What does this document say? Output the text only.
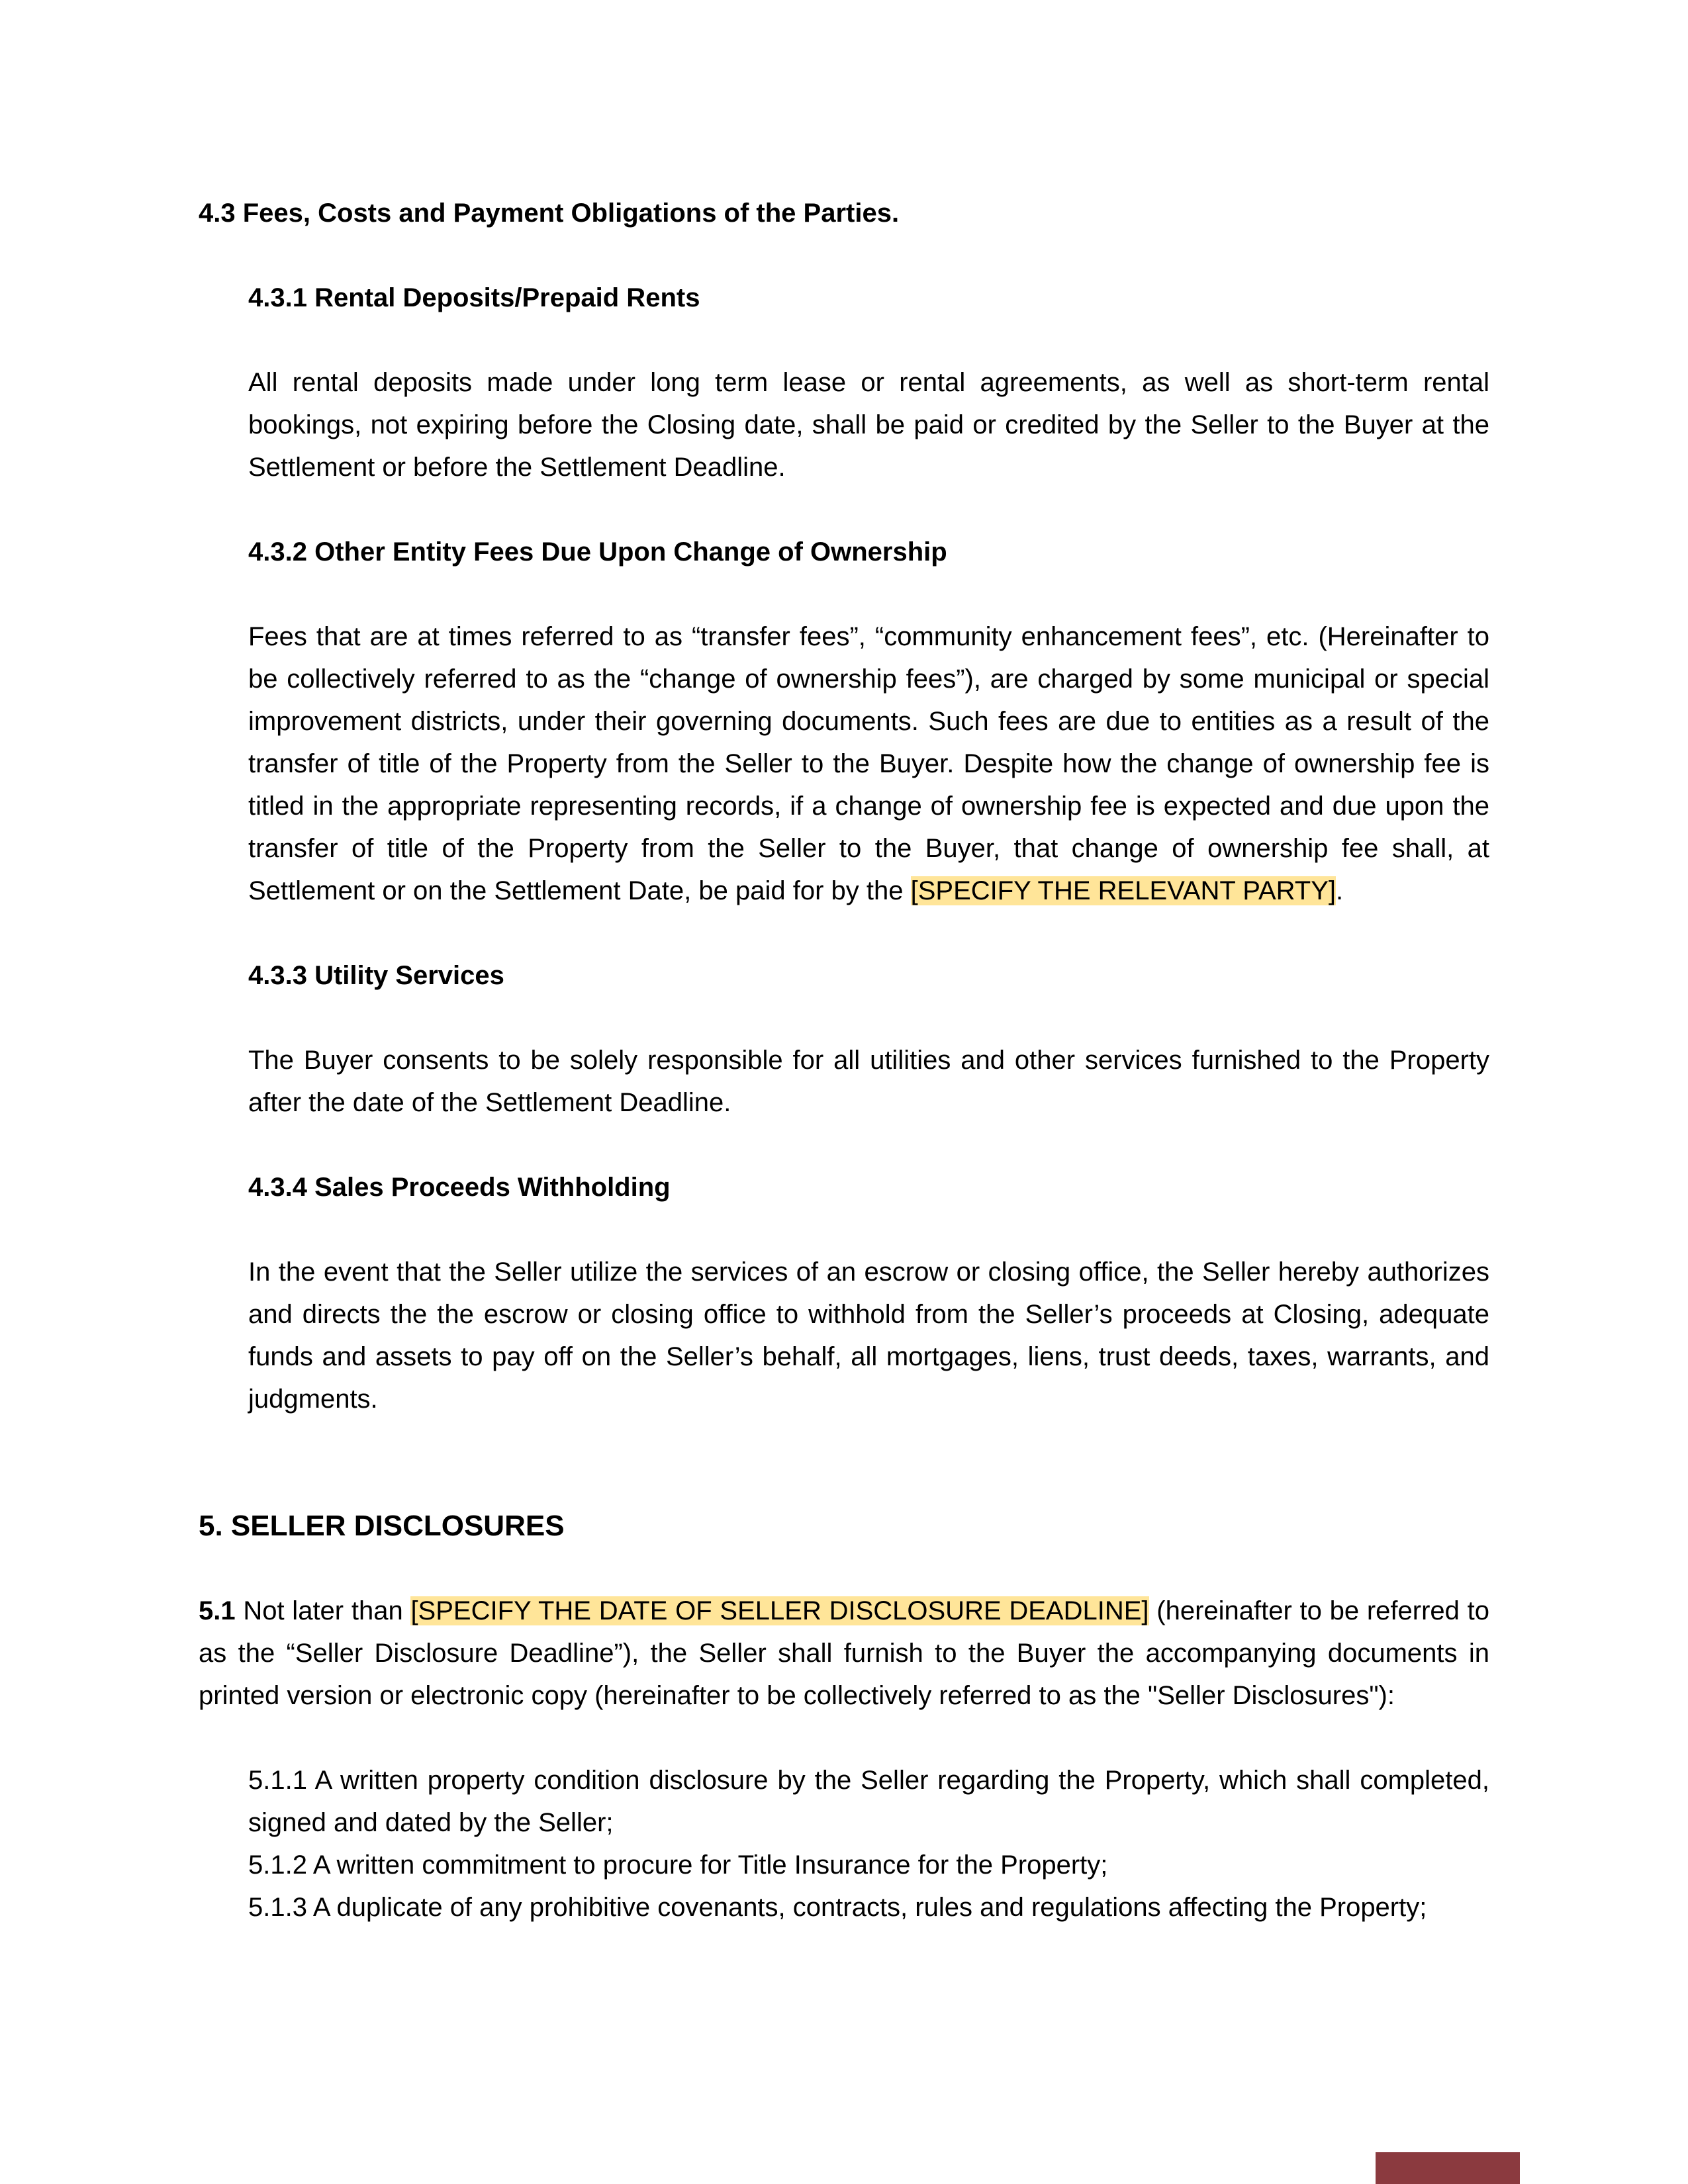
4.3 Fees, Costs and Payment Obligations of the Parties.

4.3.1 Rental Deposits/Prepaid Rents

All rental deposits made under long term lease or rental agreements, as well as short-term rental bookings, not expiring before the Closing date, shall be paid or credited by the Seller to the Buyer at the Settlement or before the Settlement Deadline.

4.3.2 Other Entity Fees Due Upon Change of Ownership

Fees that are at times referred to as “transfer fees”, “community enhancement fees”, etc. (Hereinafter to be collectively referred to as the “change of ownership fees”), are charged by some municipal or special improvement districts, under their governing documents. Such fees are due to entities as a result of the transfer of title of the Property from the Seller to the Buyer. Despite how the change of ownership fee is titled in the appropriate representing records, if a change of ownership fee is expected and due upon the transfer of title of the Property from the Seller to the Buyer, that change of ownership fee shall, at Settlement or on the Settlement Date, be paid for by the [SPECIFY THE RELEVANT PARTY].

4.3.3 Utility Services

The Buyer consents to be solely responsible for all utilities and other services furnished to the Property after the date of the Settlement Deadline.

4.3.4 Sales Proceeds Withholding

In the event that the Seller utilize the services of an escrow or closing office, the Seller hereby authorizes and directs the the escrow or closing office to withhold from the Seller’s proceeds at Closing, adequate funds and assets to pay off on the Seller’s behalf, all mortgages, liens, trust deeds, taxes, warrants, and judgments.

5. SELLER DISCLOSURES

5.1 Not later than [SPECIFY THE DATE OF SELLER DISCLOSURE DEADLINE] (hereinafter to be referred to as the “Seller Disclosure Deadline”), the Seller shall furnish to the Buyer the accompanying documents in printed version or electronic copy (hereinafter to be collectively referred to as the "Seller Disclosures"):

5.1.1 A written property condition disclosure by the Seller regarding the Property, which shall completed, signed and dated by the Seller;

5.1.2 A written commitment to procure for Title Insurance for the Property;

5.1.3 A duplicate of any prohibitive covenants, contracts, rules and regulations affecting the Property;
